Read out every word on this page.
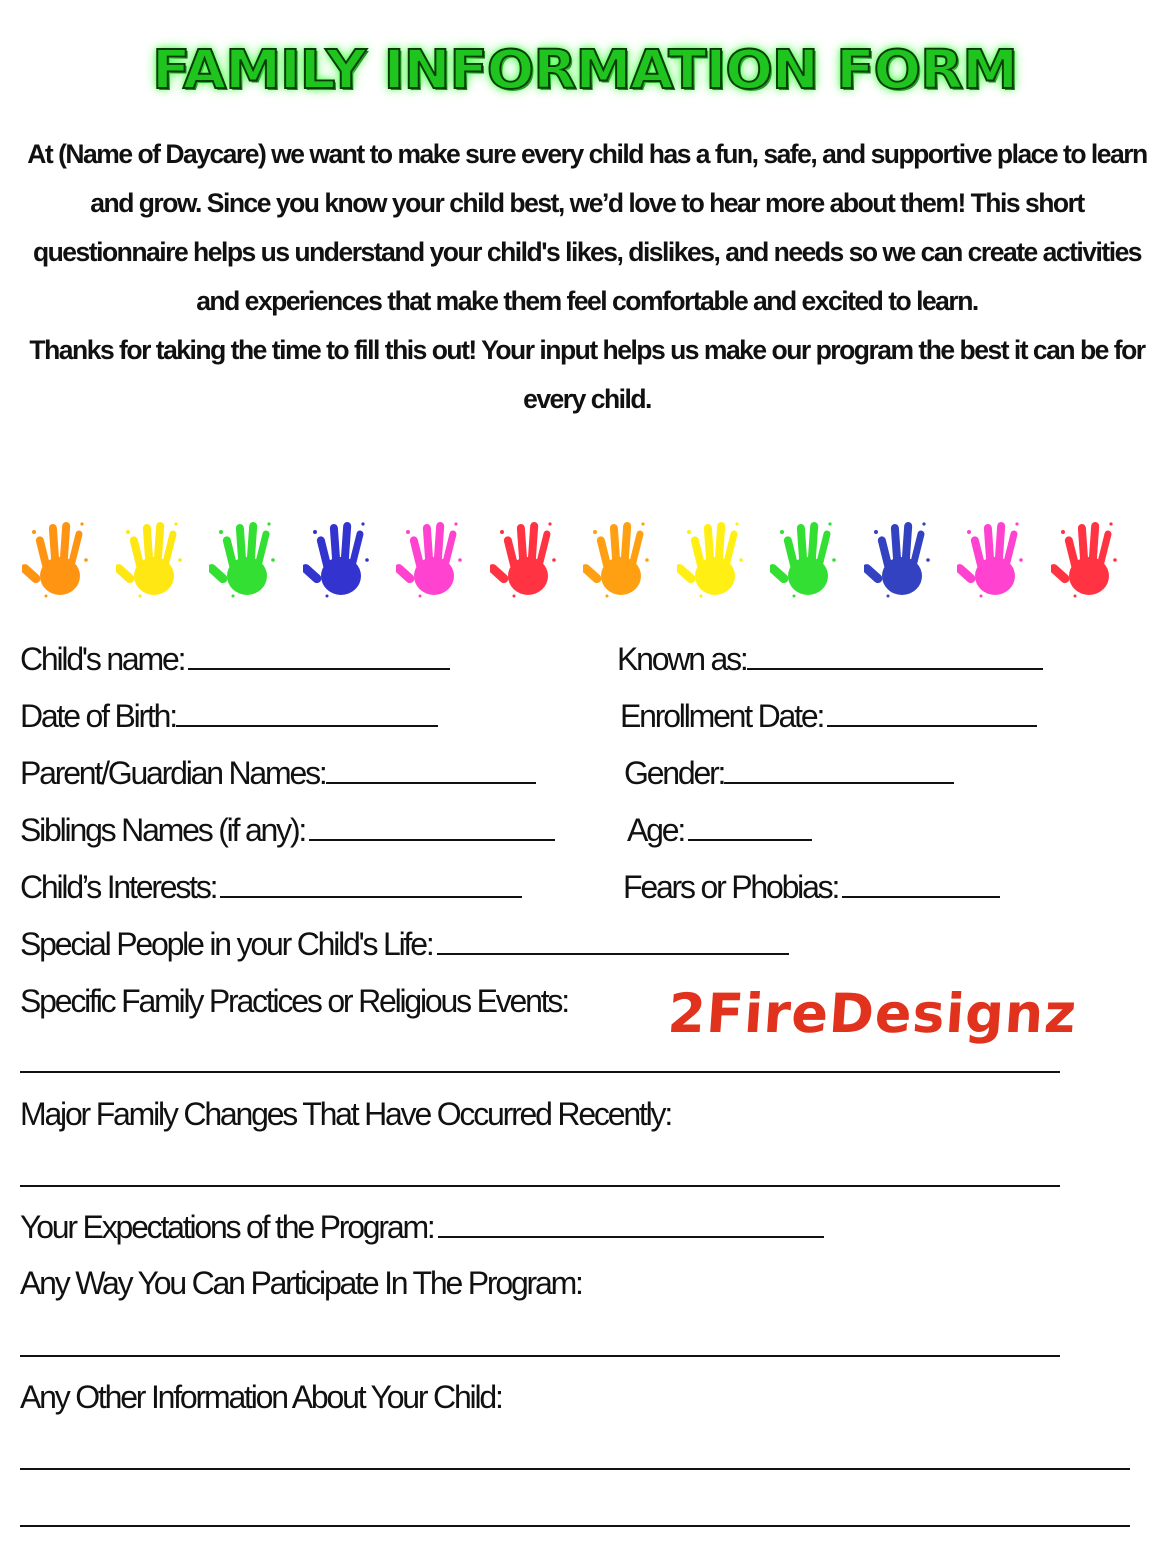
FAMILY INFORMATION FORM

At (Name of Daycare) we want to make sure every child has a fun, safe, and supportive place to learn and grow. Since you know your child best, we’d love to hear more about them! This short questionnaire helps us understand your child's likes, dislikes, and needs so we can create activities and experiences that make them feel comfortable and excited to learn.

Thanks for taking the time to fill this out! Your input helps us make our program the best it can be for every child.

Child's name:	Known as:
Date of Birth:	Enrollment Date:
Parent/Guardian Names:	Gender:
Siblings Names (if any):	Age:
Child’s Interests:	Fears or Phobias:
Special People in your Child's Life:
Specific Family Practices or Religious Events: 2FireDesignz
Major Family Changes That Have Occurred Recently:
Your Expectations of the Program:
Any Way You Can Participate In The Program:
Any Other Information About Your Child:
